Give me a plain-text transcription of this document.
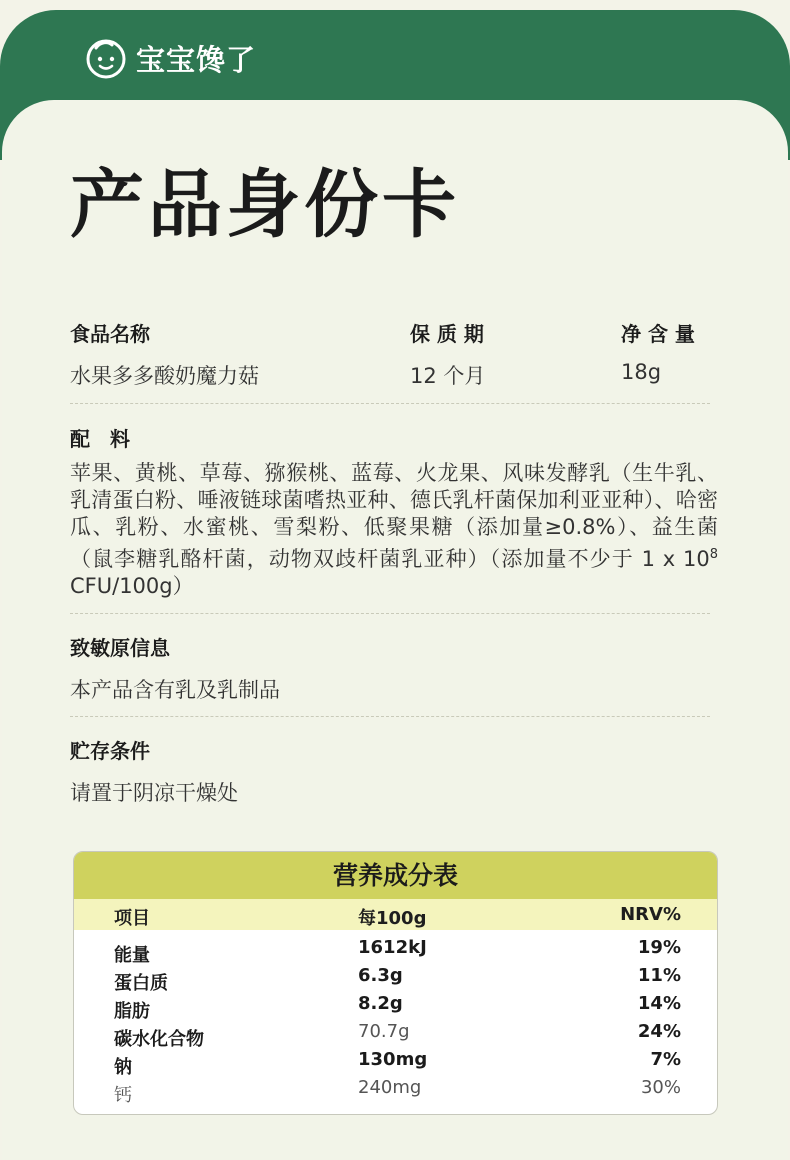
宝宝馋了
产品身份卡
食品名称
水果多多酸奶魔力菇
保 质 期
12 个月
净 含 量
18g
配　料

苹果、黄桃、草莓、猕猴桃、蓝莓、火龙果、风味发酵乳（生牛乳、乳清蛋白粉、唾液链球菌嗜热亚种、德氏乳杆菌保加利亚亚种）、哈密瓜、乳粉、水蜜桃、雪梨粉、低聚果糖（添加量≥0.8%）、益生菌（鼠李糖乳酪杆菌，动物双歧杆菌乳亚种）（添加量不少于 1 x $10^8$ CFU/100g）

致敏原信息
本产品含有乳及乳制品
贮存条件
请置于阴凉干燥处
营养成分表
项目	每100g	NRV%
能量	1612kJ	19%
蛋白质	6.3g	11%
脂肪	8.2g	14%
碳水化合物	70.7g	24%
钠	130mg	7%
钙	240mg	30%
